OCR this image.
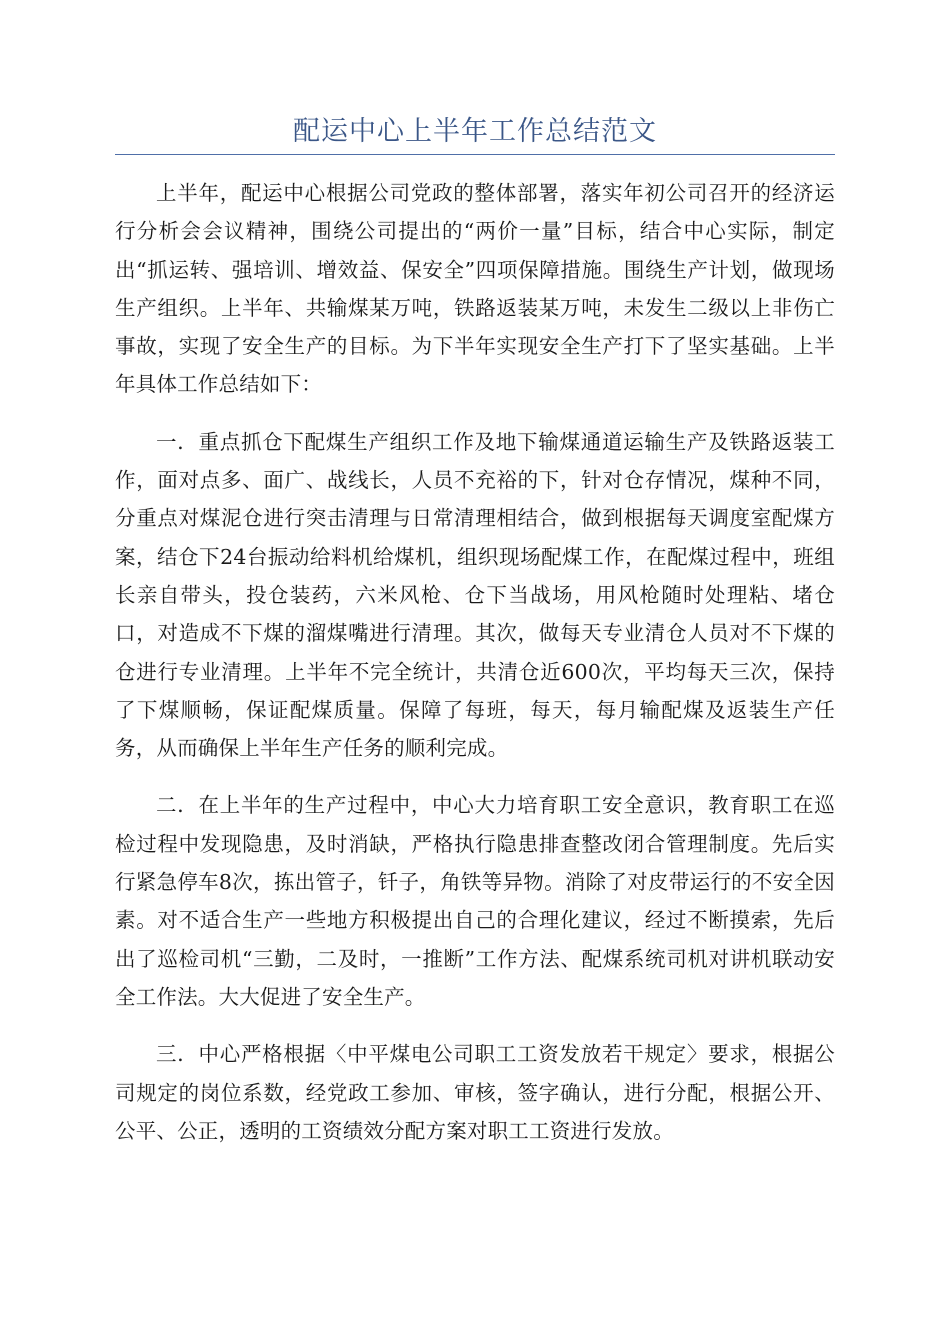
配运中心上半年工作总结范文

上半年，配运中心根据公司党政的整体部署，落实年初公司召开的经济运行分析会会议精神，围绕公司提出的“两价一量”目标，结合中心实际，制定出“抓运转、强培训、增效益、保安全”四项保障措施。围绕生产计划，做现场生产组织。上半年、共输煤某万吨，铁路返装某万吨，未发生二级以上非伤亡事故，实现了安全生产的目标。为下半年实现安全生产打下了坚实基础。上半年具体工作总结如下：

一．重点抓仓下配煤生产组织工作及地下输煤通道运输生产及铁路返装工作，面对点多、面广、战线长，人员不充裕的下，针对仓存情况，煤种不同，分重点对煤泥仓进行突击清理与日常清理相结合，做到根据每天调度室配煤方案，结仓下24台振动给料机给煤机，组织现场配煤工作，在配煤过程中，班组长亲自带头，投仓装药，六米风枪、仓下当战场，用风枪随时处理粘、堵仓口，对造成不下煤的溜煤嘴进行清理。其次，做每天专业清仓人员对不下煤的仓进行专业清理。上半年不完全统计，共清仓近600次，平均每天三次，保持了下煤顺畅，保证配煤质量。保障了每班，每天，每月输配煤及返装生产任务，从而确保上半年生产任务的顺利完成。

二．在上半年的生产过程中，中心大力培育职工安全意识，教育职工在巡检过程中发现隐患，及时消缺，严格执行隐患排查整改闭合管理制度。先后实行紧急停车8次，拣出管子，钎子，角铁等异物。消除了对皮带运行的不安全因素。对不适合生产一些地方积极提出自己的合理化建议，经过不断摸索，先后出了巡检司机“三勤，二及时，一推断”工作方法、配煤系统司机对讲机联动安全工作法。大大促进了安全生产。

三．中心严格根据〈中平煤电公司职工工资发放若干规定〉要求，根据公司规定的岗位系数，经党政工参加、审核，签字确认，进行分配，根据公开、公平、公正，透明的工资绩效分配方案对职工工资进行发放。
